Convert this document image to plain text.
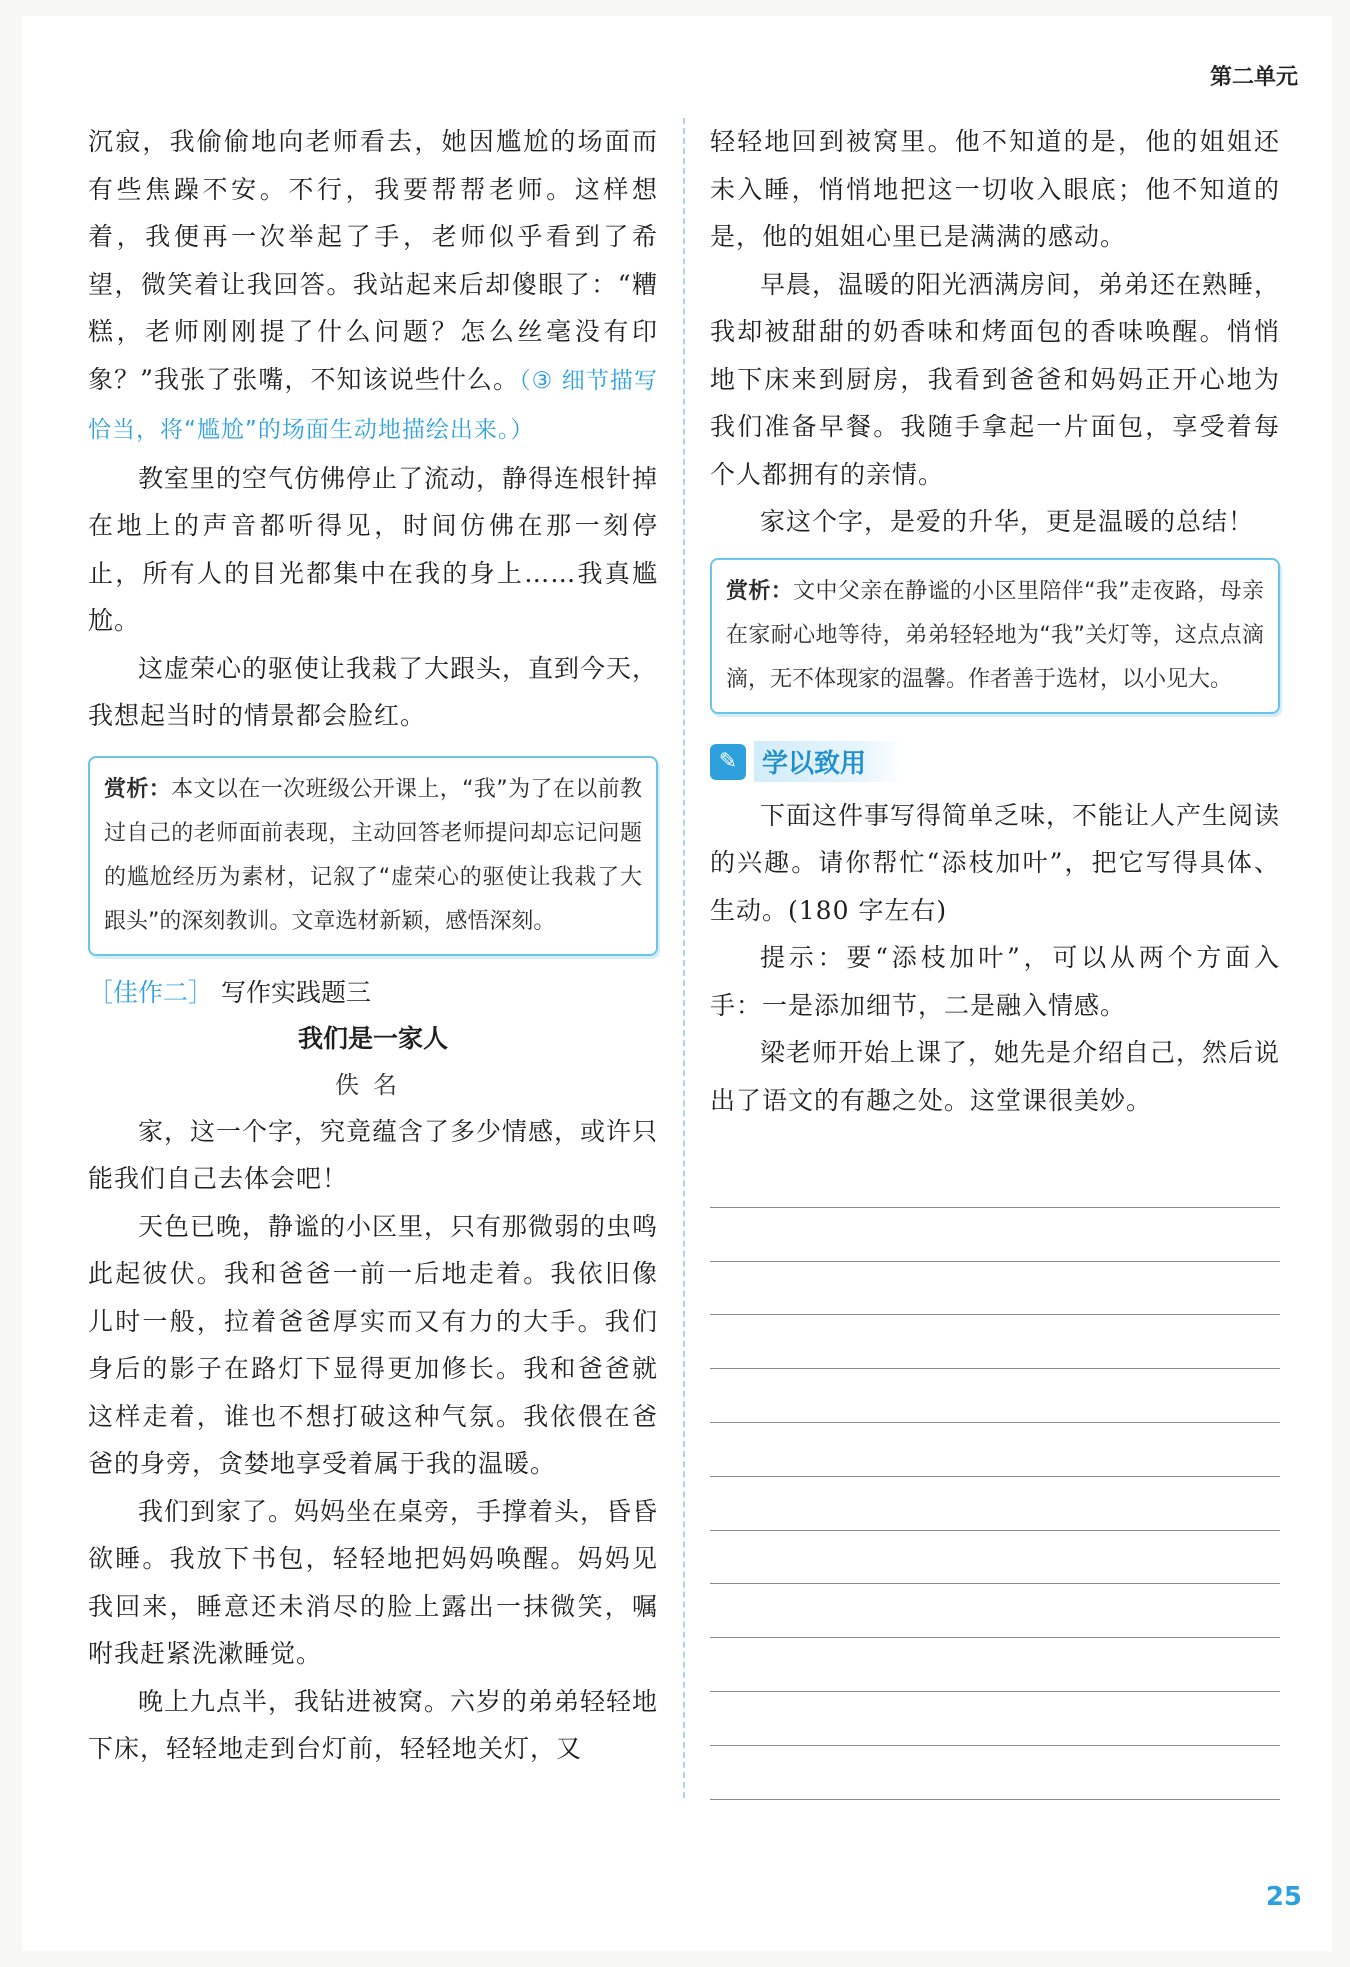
第二单元

沉寂，我偷偷地向老师看去，她因尴尬的场面而有些焦躁不安。不行，我要帮帮老师。这样想着，我便再一次举起了手，老师似乎看到了希望，微笑着让我回答。我站起来后却傻眼了：“糟糕，老师刚刚提了什么问题？怎么丝毫没有印象？”我张了张嘴，不知该说些什么。（③ 细节描写恰当，将“尴尬”的场面生动地描绘出来。）

教室里的空气仿佛停止了流动，静得连根针掉在地上的声音都听得见，时间仿佛在那一刻停止，所有人的目光都集中在我的身上……我真尴尬。

这虚荣心的驱使让我栽了大跟头，直到今天，我想起当时的情景都会脸红。

赏析：本文以在一次班级公开课上，“我”为了在以前教过自己的老师面前表现，主动回答老师提问却忘记问题的尴尬经历为素材，记叙了“虚荣心的驱使让我栽了大跟头”的深刻教训。文章选材新颖，感悟深刻。
［佳作二］ 写作实践题三
我们是一家人
佚名

家，这一个字，究竟蕴含了多少情感，或许只能我们自己去体会吧！

天色已晚，静谧的小区里，只有那微弱的虫鸣此起彼伏。我和爸爸一前一后地走着。我依旧像儿时一般，拉着爸爸厚实而又有力的大手。我们身后的影子在路灯下显得更加修长。我和爸爸就这样走着，谁也不想打破这种气氛。我依偎在爸爸的身旁，贪婪地享受着属于我的温暖。

我们到家了。妈妈坐在桌旁，手撑着头，昏昏欲睡。我放下书包，轻轻地把妈妈唤醒。妈妈见我回来，睡意还未消尽的脸上露出一抹微笑，嘱咐我赶紧洗漱睡觉。

晚上九点半，我钻进被窝。六岁的弟弟轻轻地下床，轻轻地走到台灯前，轻轻地关灯，又

轻轻地回到被窝里。他不知道的是，他的姐姐还未入睡，悄悄地把这一切收入眼底；他不知道的是，他的姐姐心里已是满满的感动。

早晨，温暖的阳光洒满房间，弟弟还在熟睡，我却被甜甜的奶香味和烤面包的香味唤醒。悄悄地下床来到厨房，我看到爸爸和妈妈正开心地为我们准备早餐。我随手拿起一片面包，享受着每个人都拥有的亲情。

家这个字，是爱的升华，更是温暖的总结！

赏析：文中父亲在静谧的小区里陪伴“我”走夜路，母亲在家耐心地等待，弟弟轻轻地为“我”关灯等，这点点滴滴，无不体现家的温馨。作者善于选材，以小见大。
✎ 学以致用

下面这件事写得简单乏味，不能让人产生阅读的兴趣。请你帮忙“添枝加叶”，把它写得具体、生动。(180 字左右)

提示：要“添枝加叶”，可以从两个方面入手：一是添加细节，二是融入情感。

梁老师开始上课了，她先是介绍自己，然后说出了语文的有趣之处。这堂课很美妙。

25
